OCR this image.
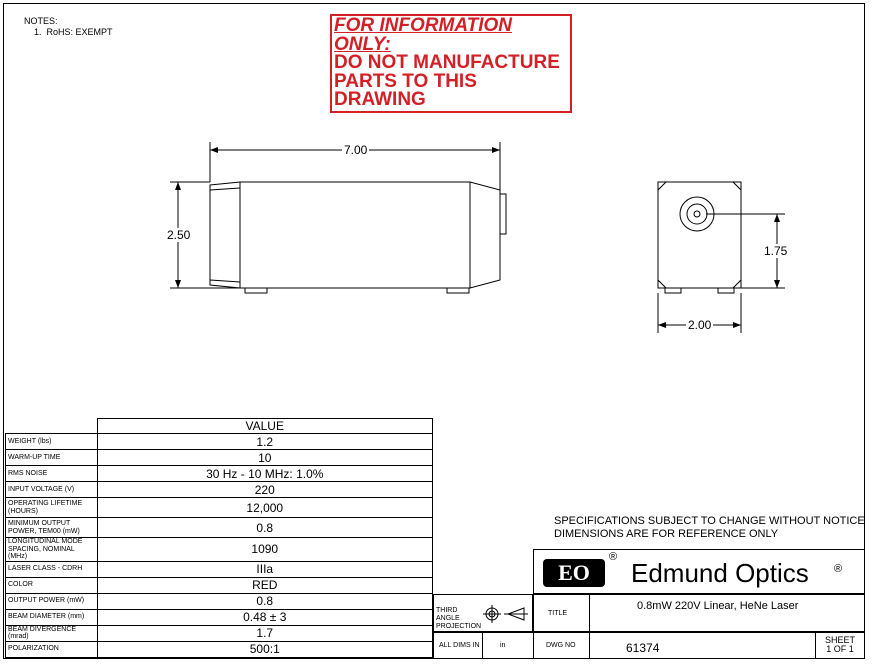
NOTES:
1. RoHS: EXEMPT	FOR INFORMATION ONLY:
DO NOT MANUFACTURE
PARTS TO THIS DRAWING
7.00
2.50
1.75
2.00
	VALUE
WEIGHT (lbs)	1.2
WARM-UP TIME	10
RMS NOISE	30 Hz - 10 MHz: 1.0%
INPUT VOLTAGE (V)	220
OPERATING LIFETIME (HOURS)	12,000
MINIMUM OUTPUT POWER, TEM00 (mW)	0.8
LONGITUDINAL MODE SPACING, NOMINAL (MHz)	1090
LASER CLASS - CDRH	IIIa
COLOR	RED
OUTPUT POWER (mW)	0.8
BEAM DIAMETER (mm)	0.48 ± 3
BEAM DIVERGENCE (mrad)	1.7
POLARIZATION	500:1
SPECIFICATIONS SUBJECT TO CHANGE WITHOUT NOTICE
DIMENSIONS ARE FOR REFERENCE ONLY
EO
®
Edmund Optics ®
THIRD ANGLE PROJECTION
TITLE
0.8mW 220V Linear, HeNe Laser
ALL DIMS IN	in	DWG NO	61374
SHEET
1 OF 1
